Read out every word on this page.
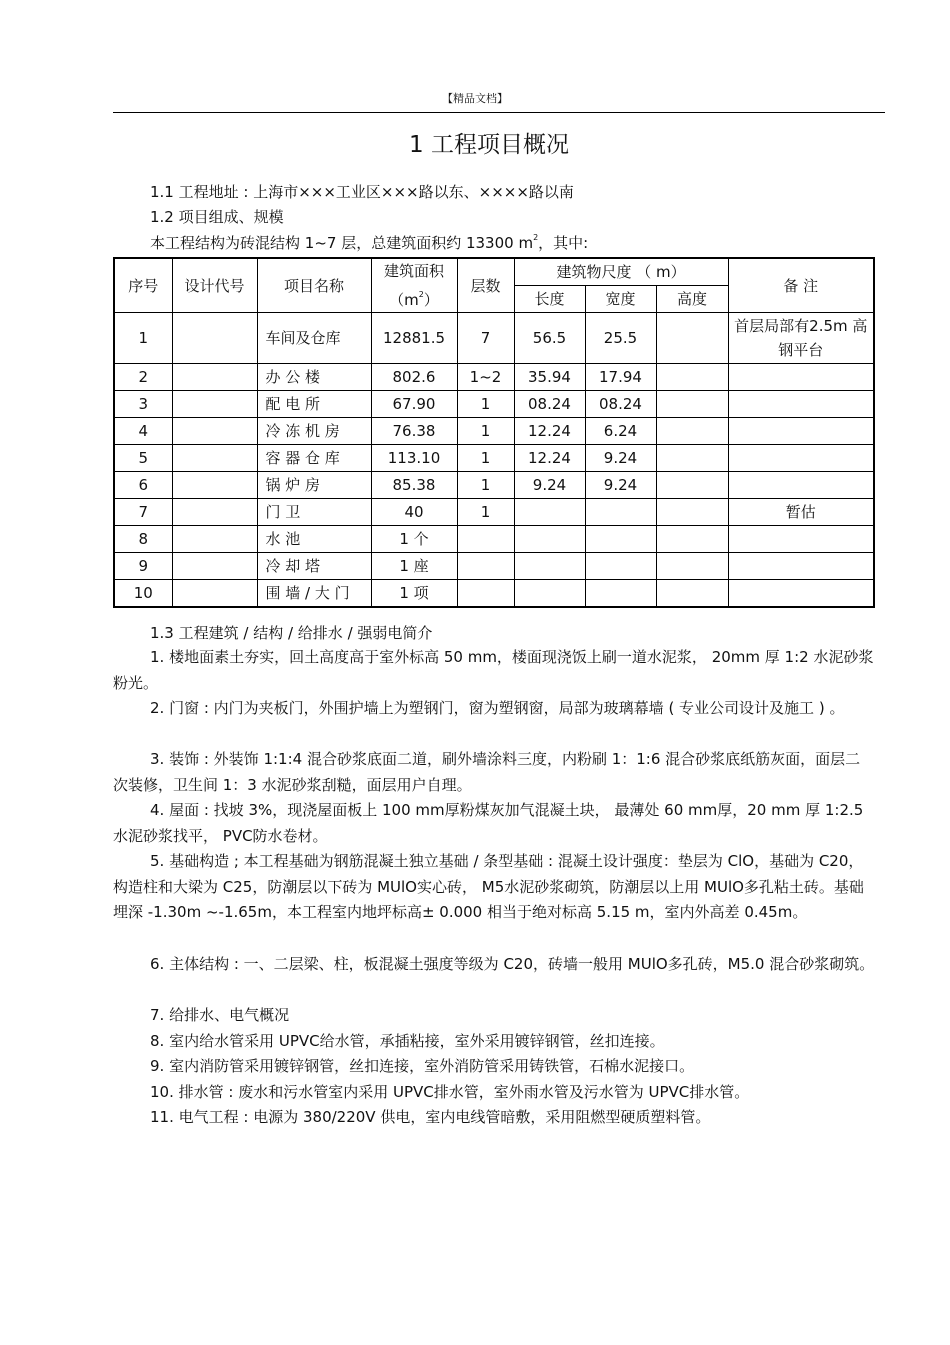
【精品文档】
1 工程项目概况
1.1 工程地址 : 上海市×××工业区×××路以东、××××路以南
1.2 项目组成、规模
本工程结构为砖混结构 1~7 层，总建筑面积约 13300 $m^2$，其中:
序号	设计代号	项目名称	建筑面积$(m^2)$	层数	建筑物尺度 （ m）			备 注
					长度	宽度	高度	
1		车间及仓库	12881.5	7	56.5	25.5		首层局部有2.5m 高钢平台
2		办 公 楼	802.6	1~2	35.94	17.94		
3		配 电 所	67.90	1	08.24	08.24		
4		冷 冻 机 房	76.38	1	12.24	6.24		
5		容 器 仓 库	113.10	1	12.24	9.24		
6		锅 炉 房	85.38	1	9.24	9.24		
7		门 卫	40	1				暂估
8		水 池	1 个					
9		冷 却 塔	1 座					
10		围 墙 / 大 门	1 项					
1.3 工程建筑 / 结构 / 给排水 / 强弱电简介

1. 楼地面素土夯实，回土高度高于室外标高 50 mm，楼面现浇饭上刷一道水泥浆， 20mm 厚 1:2 水泥砂浆粉光。

2. 门窗 : 内门为夹板门，外围护墙上为塑钢门，窗为塑钢窗，局部为玻璃幕墙 ( 专业公司设计及施工 ) 。

3. 装饰 : 外装饰 1:1:4 混合砂浆底面二道，刷外墙涂料三度，内粉刷 1：1:6 混合砂浆底纸筋灰面，面层二次装修，卫生间 1：3 水泥砂浆刮糙，面层用户自理。

4. 屋面 : 找坡 3%，现浇屋面板上 100 mm厚粉煤灰加气混凝土块， 最薄处 60 mm厚，20 mm 厚 1:2.5 水泥砂浆找平， PVC防水卷材。

5. 基础构造 ; 本工程基础为钢筋混凝土独立基础 / 条型基础 : 混凝土设计强度：垫层为 ClO，基础为 C20，构造柱和大梁为 C25，防潮层以下砖为 MUlO实心砖， M5水泥砂浆砌筑，防潮层以上用 MUlO多孔粘土砖。基础埋深 -1.30m ~-1.65m，本工程室内地坪标高± 0.000 相当于绝对标高 5.15 m，室内外高差 0.45m。

6. 主体结构 : 一、二层梁、柱，板混凝土强度等级为 C20，砖墙一般用 MUlO多孔砖，M5.0 混合砂浆砌筑。

7. 给排水、电气概况

8. 室内给水管采用 UPVC给水管，承插粘接，室外采用镀锌钢管，丝扣连接。

9. 室内消防管采用镀锌钢管，丝扣连接，室外消防管采用铸铁管，石棉水泥接口。

10. 排水管 : 废水和污水管室内采用 UPVC排水管，室外雨水管及污水管为 UPVC排水管。

11. 电气工程 : 电源为 380/220V 供电，室内电线管暗敷，采用阻燃型硬质塑料管。
